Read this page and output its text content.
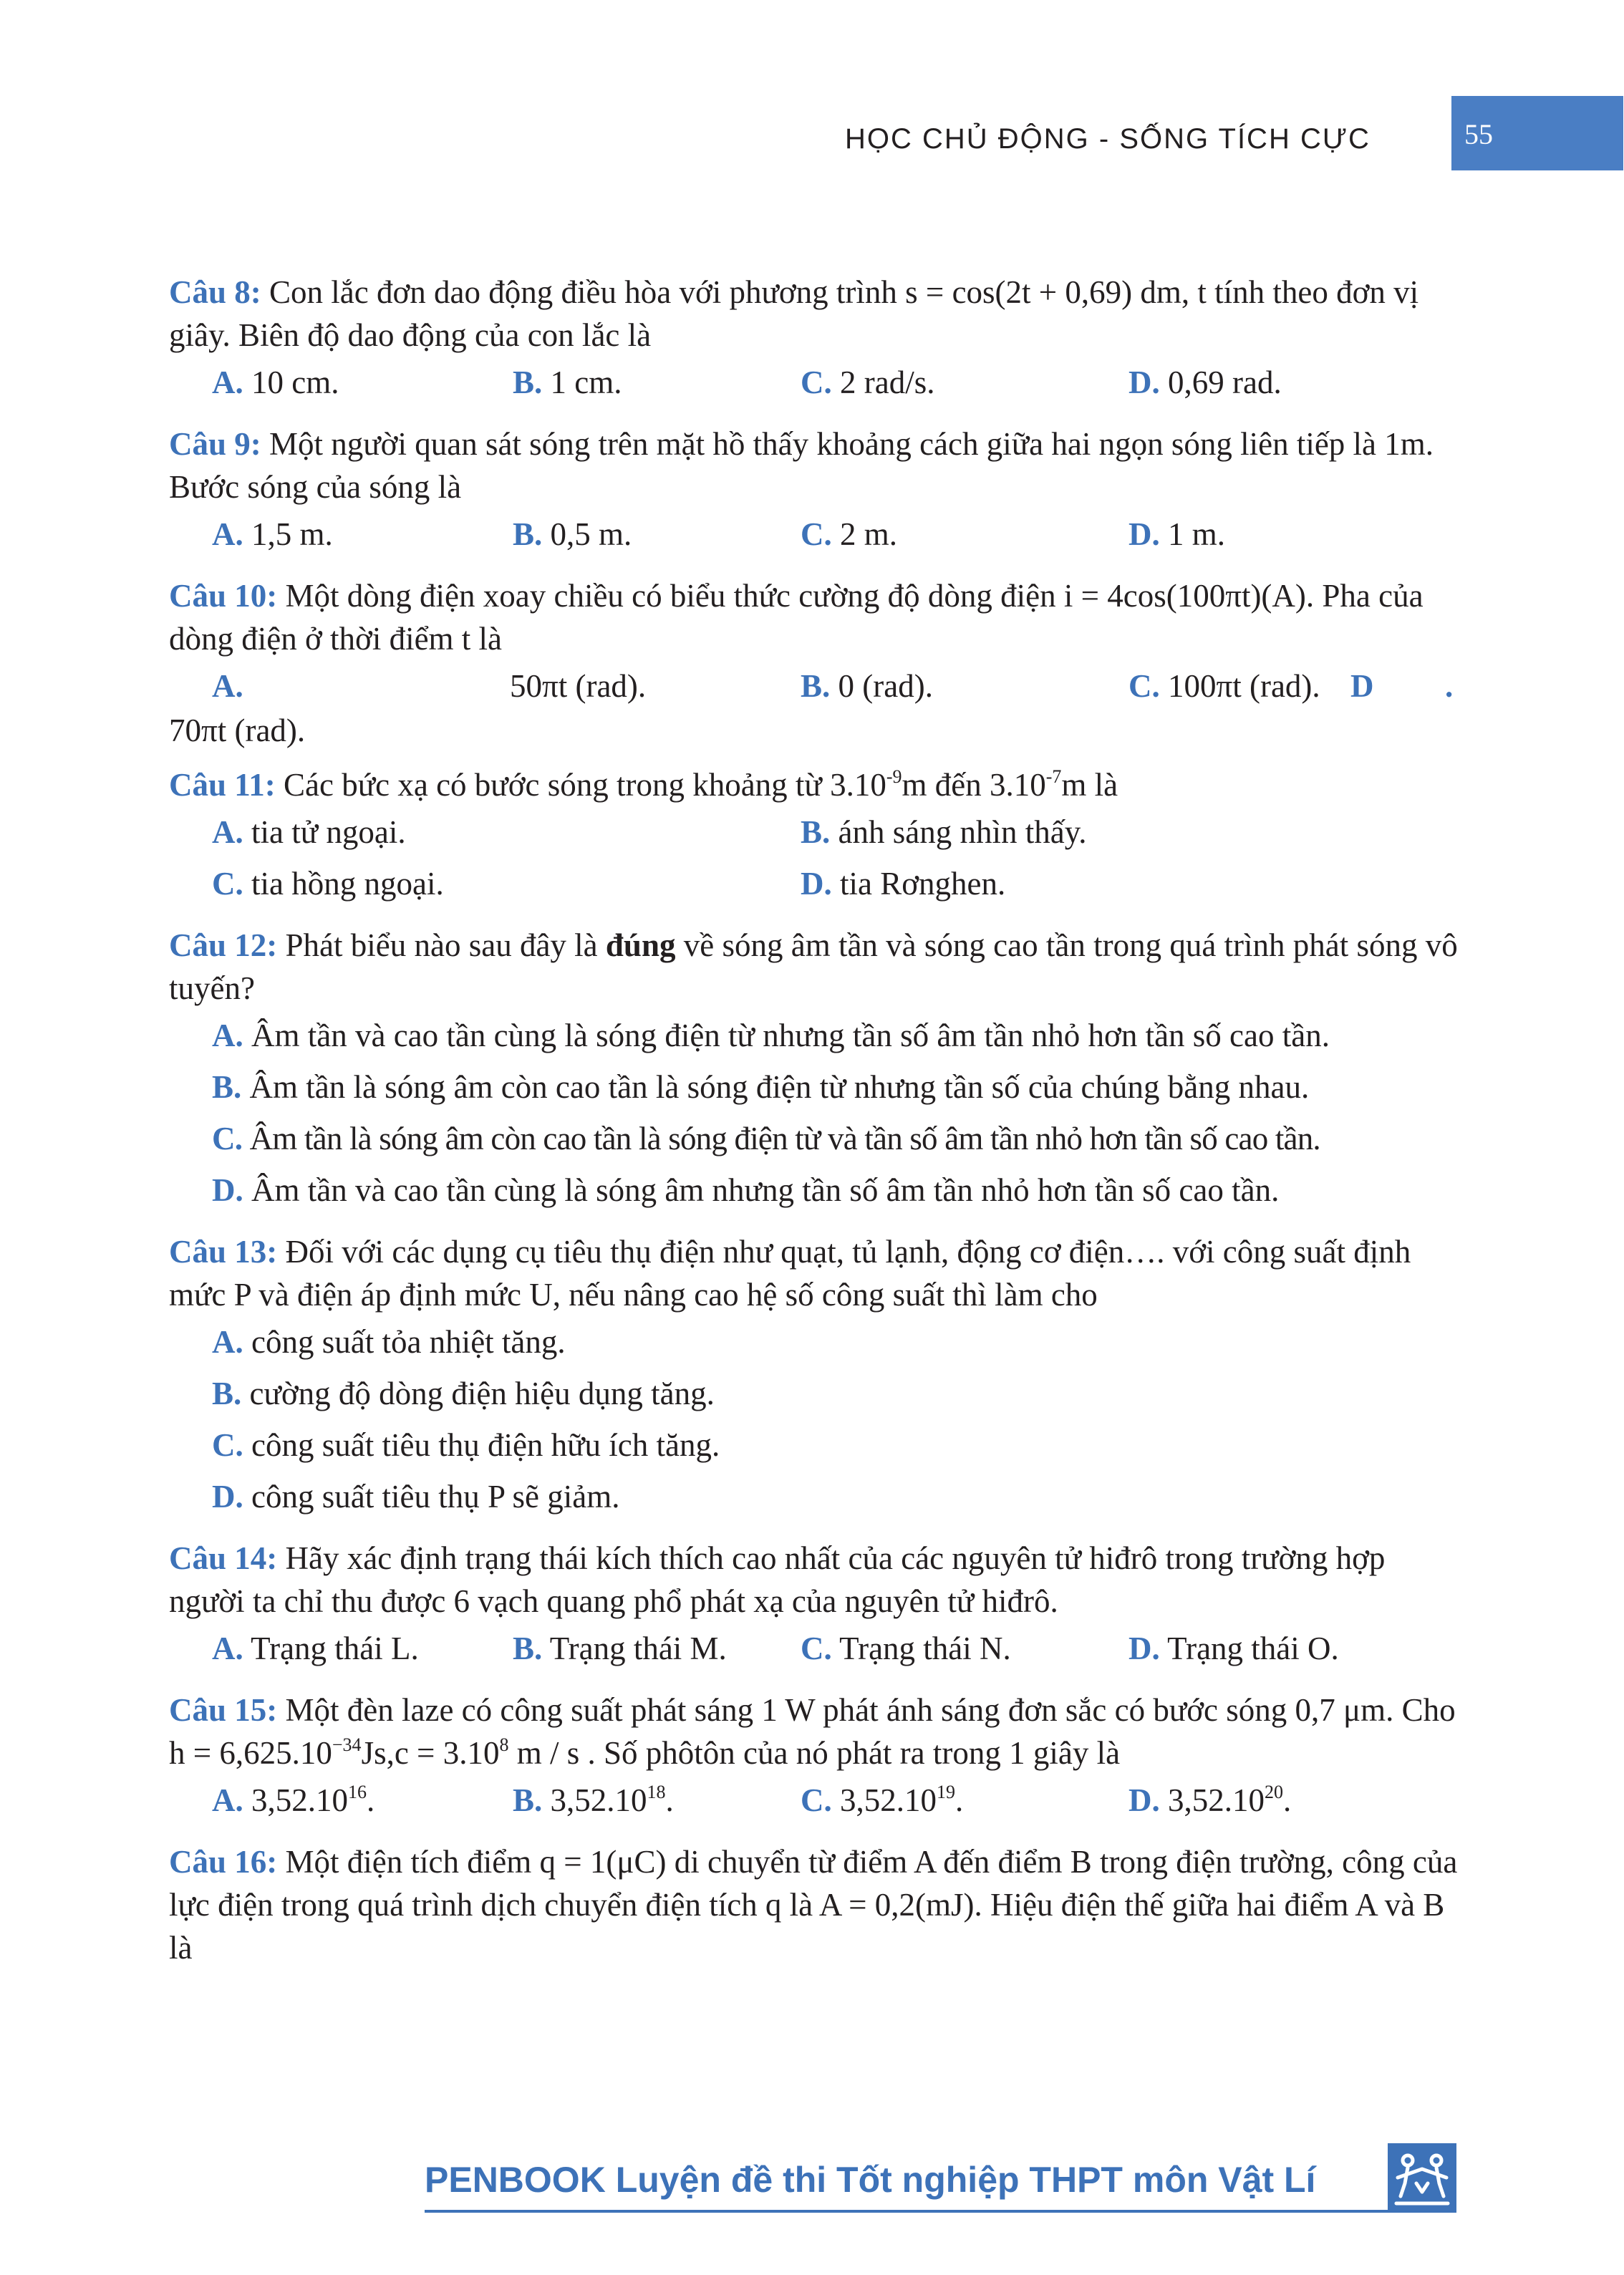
HỌC CHỦ ĐỘNG - SỐNG TÍCH CỰC	55

Câu 8: Con lắc đơn dao động điều hòa với phương trình s = cos(2t + 0,69) dm, t tính theo đơn vị giây. Biên độ dao động của con lắc là

A. 10 cm.	B. 1 cm.	C. 2 rad/s.	D. 0,69 rad.

Câu 9: Một người quan sát sóng trên mặt hồ thấy khoảng cách giữa hai ngọn sóng liên tiếp là 1m. Bước sóng của sóng là

A. 1,5 m.	B. 0,5 m.	C. 2 m.	D. 1 m.

Câu 10: Một dòng điện xoay chiều có biểu thức cường độ dòng điện i = 4cos(100πt)(A). Pha của dòng điện ở thời điểm t là

A.	50πt (rad).	B. 0 (rad).	C. 100πt (rad). D .

70πt (rad).

Câu 11: Các bức xạ có bước sóng trong khoảng từ $3.10^{-9}m$ đến $3.10^{-7}m$ là

A. tia tử ngoại.	B. ánh sáng nhìn thấy.
C. tia hồng ngoại.	D. tia Rơnghen.

Câu 12: Phát biểu nào sau đây là đúng về sóng âm tần và sóng cao tần trong quá trình phát sóng vô tuyến?

A. Âm tần và cao tần cùng là sóng điện từ nhưng tần số âm tần nhỏ hơn tần số cao tần.
B. Âm tần là sóng âm còn cao tần là sóng điện từ nhưng tần số của chúng bằng nhau.
C. Âm tần là sóng âm còn cao tần là sóng điện từ và tần số âm tần nhỏ hơn tần số cao tần.
D. Âm tần và cao tần cùng là sóng âm nhưng tần số âm tần nhỏ hơn tần số cao tần.

Câu 13: Đối với các dụng cụ tiêu thụ điện như quạt, tủ lạnh, động cơ điện…. với công suất định mức P và điện áp định mức U, nếu nâng cao hệ số công suất thì làm cho

A. công suất tỏa nhiệt tăng.
B. cường độ dòng điện hiệu dụng tăng.
C. công suất tiêu thụ điện hữu ích tăng.
D. công suất tiêu thụ P sẽ giảm.

Câu 14: Hãy xác định trạng thái kích thích cao nhất của các nguyên tử hiđrô trong trường hợp người ta chỉ thu được 6 vạch quang phổ phát xạ của nguyên tử hiđrô.

A. Trạng thái L.	B. Trạng thái M. C. Trạng thái N.	D. Trạng thái O.

Câu 15: Một đèn laze có công suất phát sáng 1 W phát ánh sáng đơn sắc có bước sóng 0,7 μm. Cho $h = 6,625.10^{-34}Js,c = 3.10^8$ m / s . Số phôtôn của nó phát ra trong 1 giây là

A. 3,52.10$^{16}$.	B. 3,52.10$^{18}$.	C. 3,52.10$^{19}$.	D. 3,52.10$^{20}$.

Câu 16: Một điện tích điểm q = 1(μC) di chuyển từ điểm A đến điểm B trong điện trường, công của lực điện trong quá trình dịch chuyển điện tích q là A = 0,2(mJ). Hiệu điện thế giữa hai điểm A và B là

PENBOOK Luyện đề thi Tốt nghiệp THPT môn Vật Lí
